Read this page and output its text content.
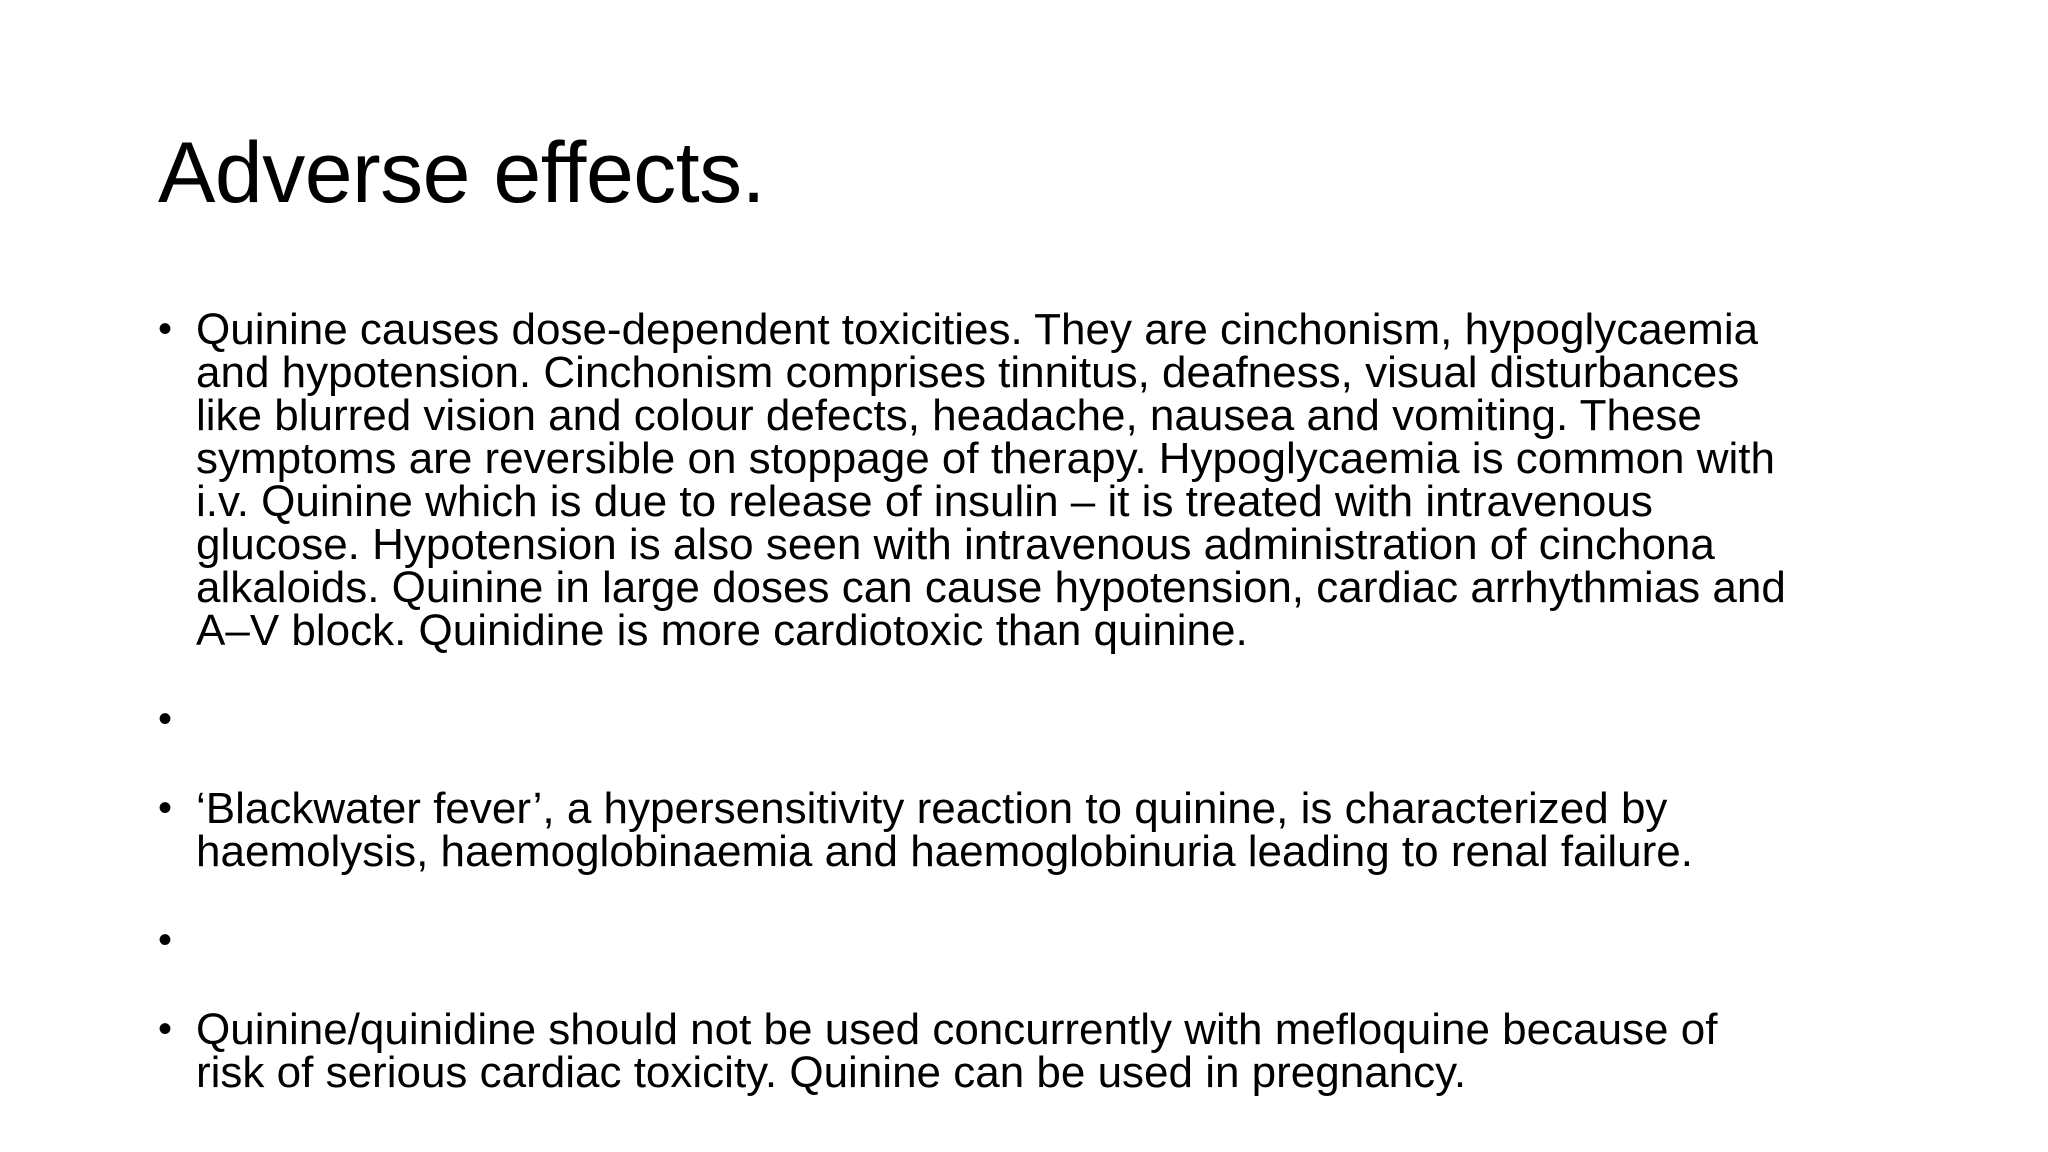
Adverse effects.
• Quinine causes dose-dependent toxicities. They are cinchonism, hypoglycaemia
and hypotension. Cinchonism comprises tinnitus, deafness, visual disturbances
like blurred vision and colour defects, headache, nausea and vomiting. These
symptoms are reversible on stoppage of therapy. Hypoglycaemia is common with
i.v. Quinine which is due to release of insulin – it is treated with intravenous
glucose. Hypotension is also seen with intravenous administration of cinchona
alkaloids. Quinine in large doses can cause hypotension, cardiac arrhythmias and
A–V block. Quinidine is more cardiotoxic than quinine.
•
• ‘Blackwater fever’, a hypersensitivity reaction to quinine, is characterized by
haemolysis, haemoglobinaemia and haemoglobinuria leading to renal failure.
•
• Quinine/quinidine should not be used concurrently with mefloquine because of
risk of serious cardiac toxicity. Quinine can be used in pregnancy.
